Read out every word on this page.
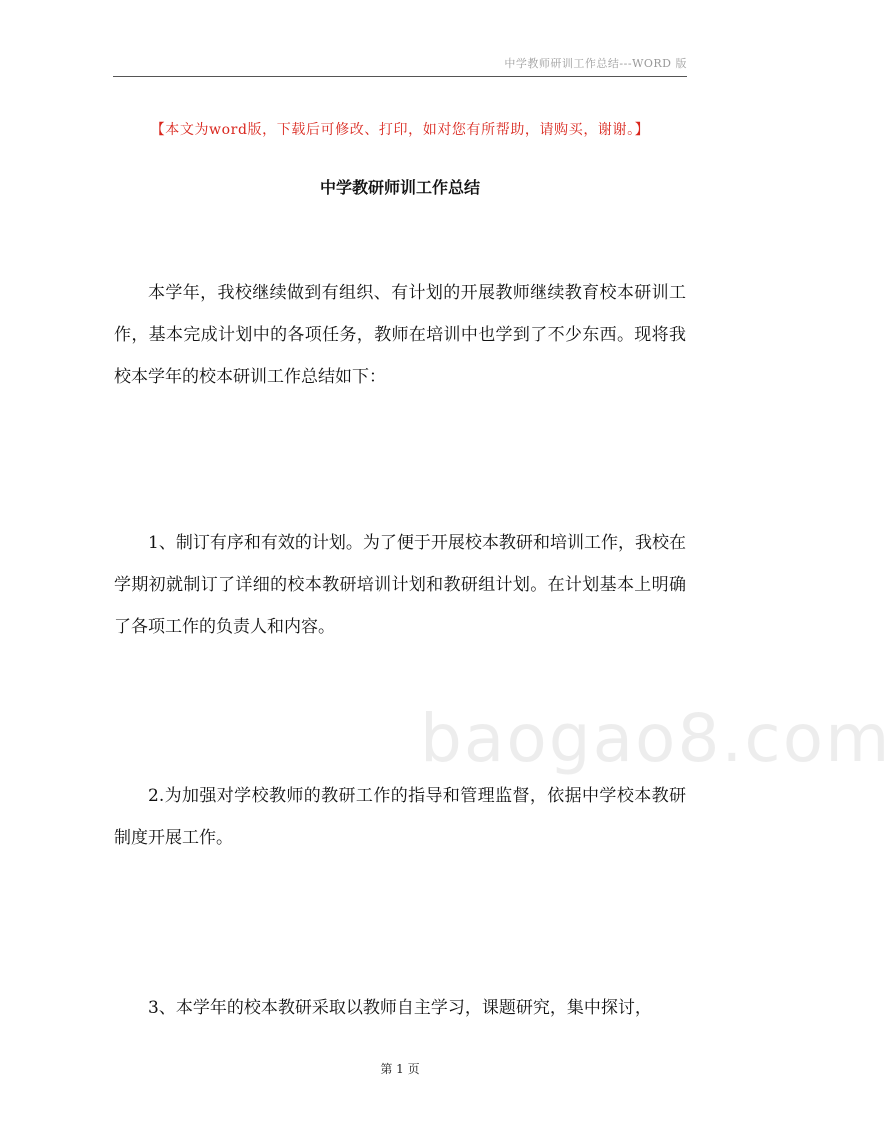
中学教师研训工作总结---WORD 版
【本文为word版，下载后可修改、打印，如对您有所帮助，请购买，谢谢。】
中学教研师训工作总结

本学年，我校继续做到有组织、有计划的开展教师继续教育校本研训工作，基本完成计划中的各项任务，教师在培训中也学到了不少东西。现将我校本学年的校本研训工作总结如下：

1、制订有序和有效的计划。为了便于开展校本教研和培训工作，我校在学期初就制订了详细的校本教研培训计划和教研组计划。在计划基本上明确了各项工作的负责人和内容。

2.为加强对学校教师的教研工作的指导和管理监督，依据中学校本教研制度开展工作。

3、本学年的校本教研采取以教师自主学习，课题研究，集中探讨，

baogao8.com
第 1 页
